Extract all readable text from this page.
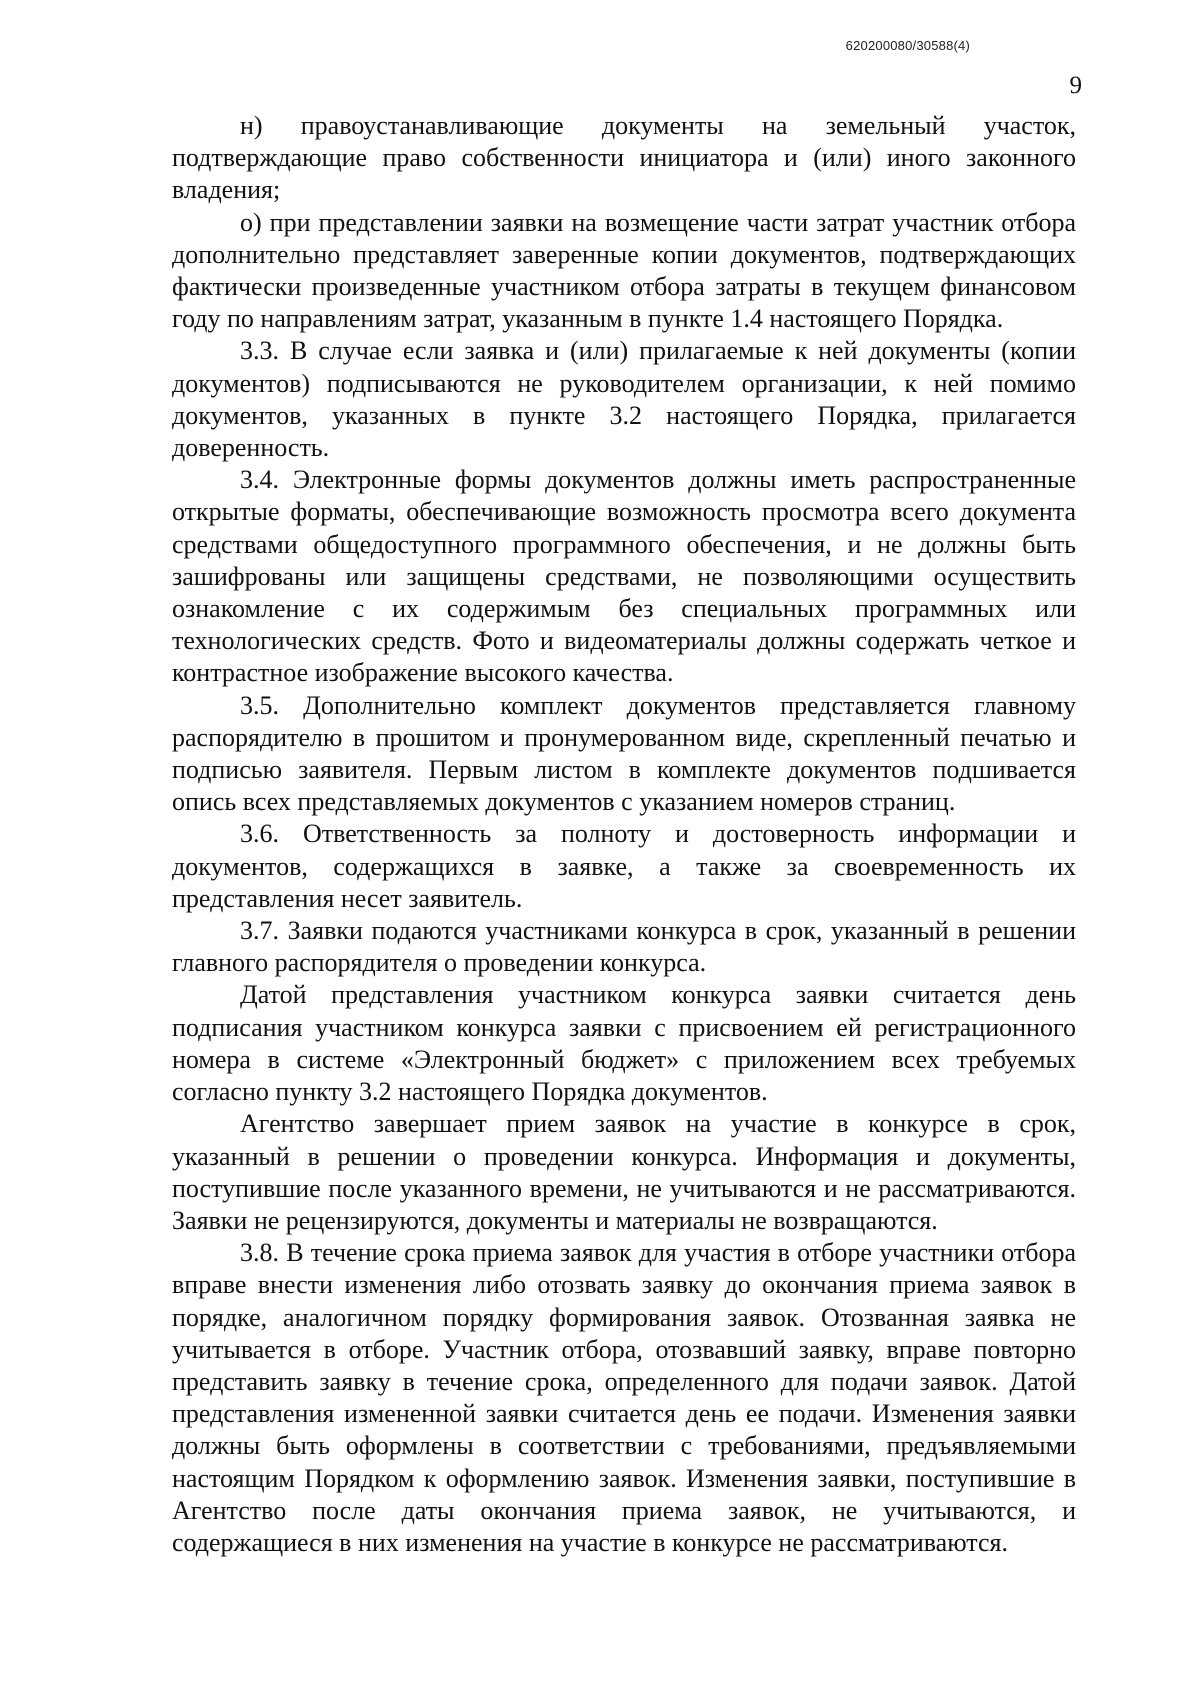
620200080/30588(4)
9

н) правоустанавливающие документы на земельный участок, подтверждающие право собственности инициатора и (или) иного законного владения;

о) при представлении заявки на возмещение части затрат участник отбора дополнительно представляет заверенные копии документов, подтверждающих фактически произведенные участником отбора затраты в текущем финансовом году по направлениям затрат, указанным в пункте 1.4 настоящего Порядка.

3.3. В случае если заявка и (или) прилагаемые к ней документы (копии документов) подписываются не руководителем организации, к ней помимо документов, указанных в пункте 3.2 настоящего Порядка, прилагается доверенность.

3.4. Электронные формы документов должны иметь распространенные открытые форматы, обеспечивающие возможность просмотра всего документа средствами общедоступного программного обеспечения, и не должны быть зашифрованы или защищены средствами, не позволяющими осуществить ознакомление с их содержимым без специальных программных или технологических средств. Фото и видеоматериалы должны содержать четкое и контрастное изображение высокого качества.

3.5. Дополнительно комплект документов представляется главному распорядителю в прошитом и пронумерованном виде, скрепленный печатью и подписью заявителя. Первым листом в комплекте документов подшивается опись всех представляемых документов с указанием номеров страниц.

3.6. Ответственность за полноту и достоверность информации и документов, содержащихся в заявке, а также за своевременность их представления несет заявитель.

3.7. Заявки подаются участниками конкурса в срок, указанный в решении главного распорядителя о проведении конкурса.

Датой представления участником конкурса заявки считается день подписания участником конкурса заявки с присвоением ей регистрационного номера в системе «Электронный бюджет» с приложением всех требуемых согласно пункту 3.2 настоящего Порядка документов.

Агентство завершает прием заявок на участие в конкурсе в срок, указанный в решении о проведении конкурса. Информация и документы, поступившие после указанного времени, не учитываются и не рассматриваются. Заявки не рецензируются, документы и материалы не возвращаются.

3.8. В течение срока приема заявок для участия в отборе участники отбора вправе внести изменения либо отозвать заявку до окончания приема заявок в порядке, аналогичном порядку формирования заявок. Отозванная заявка не учитывается в отборе. Участник отбора, отозвавший заявку, вправе повторно представить заявку в течение срока, определенного для подачи заявок. Датой представления измененной заявки считается день ее подачи. Изменения заявки должны быть оформлены в соответствии с требованиями, предъявляемыми настоящим Порядком к оформлению заявок. Изменения заявки, поступившие в Агентство после даты окончания приема заявок, не учитываются, и содержащиеся в них изменения на участие в конкурсе не рассматриваются.
